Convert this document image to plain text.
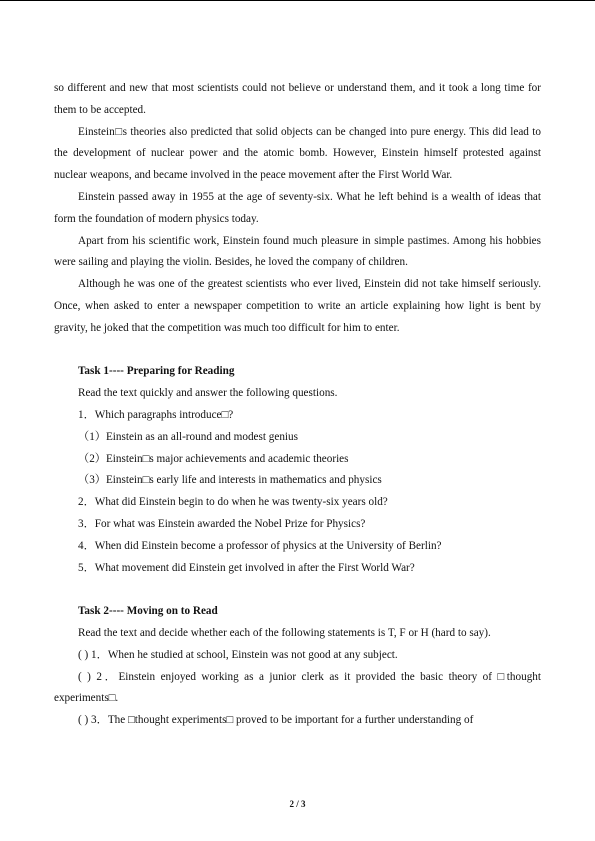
so different and new that most scientists could not believe or understand them, and it took a long time for them to be accepted.

Einstein□s theories also predicted that solid objects can be changed into pure energy. This did lead to the development of nuclear power and the atomic bomb. However, Einstein himself protested against nuclear weapons, and became involved in the peace movement after the First World War.

Einstein passed away in 1955 at the age of seventy-six. What he left behind is a wealth of ideas that form the foundation of modern physics today.

Apart from his scientific work, Einstein found much pleasure in simple pastimes. Among his hobbies were sailing and playing the violin. Besides, he loved the company of children.

Although he was one of the greatest scientists who ever lived, Einstein did not take himself seriously. Once, when asked to enter a newspaper competition to write an article explaining how light is bent by gravity, he joked that the competition was much too difficult for him to enter.

Task 1---- Preparing for Reading

Read the text quickly and answer the following questions.

1．Which paragraphs introduce□?

（1）Einstein as an all-round and modest genius

（2）Einstein□s major achievements and academic theories

（3）Einstein□s early life and interests in mathematics and physics

2．What did Einstein begin to do when he was twenty-six years old?

3．For what was Einstein awarded the Nobel Prize for Physics?

4．When did Einstein become a professor of physics at the University of Berlin?

5．What movement did Einstein get involved in after the First World War?

Task 2---- Moving on to Read

Read the text and decide whether each of the following statements is T, F or H (hard to say).

( ) 1．When he studied at school, Einstein was not good at any subject.

( ) 2．Einstein enjoyed working as a junior clerk as it provided the basic theory of □thought experiments□.

( ) 3．The □thought experiments□ proved to be important for a further understanding of

2 / 3
